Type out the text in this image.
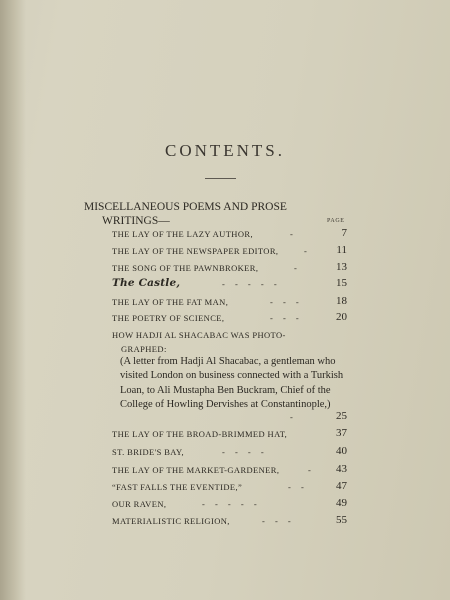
CONTENTS.
MISCELLANEOUS POEMS AND PROSE
WRITINGS—	PAGE
THE LAY OF THE LAZY AUTHOR,	-	7
THE LAY OF THE NEWSPAPER EDITOR,	- 11
THE SONG OF THE PAWNBROKER,	-	13
The Castle,	- - - - -	15
THE LAY OF THE FAT MAN,	- - -	18
THE POETRY OF SCIENCE,	- - -	20
HOW HADJI AL SHACABAC WAS PHOTO-
GRAPHED:
(A letter from Hadji Al Shacabac, a gentleman who visited London on business connected with a Turkish Loan, to Ali Mustapha Ben Buckram, Chief of the College of Howling Dervishes at Constantinople,)
-	25
THE LAY OF THE BROAD-BRIMMED HAT,	37
ST. BRIDE'S BAY,	- - - -	40
THE LAY OF THE MARKET-GARDENER,	- 43
“FAST FALLS THE EVENTIDE,”	- -	47
OUR RAVEN,	- - - - -	49
MATERIALISTIC RELIGION,	- - -	55
